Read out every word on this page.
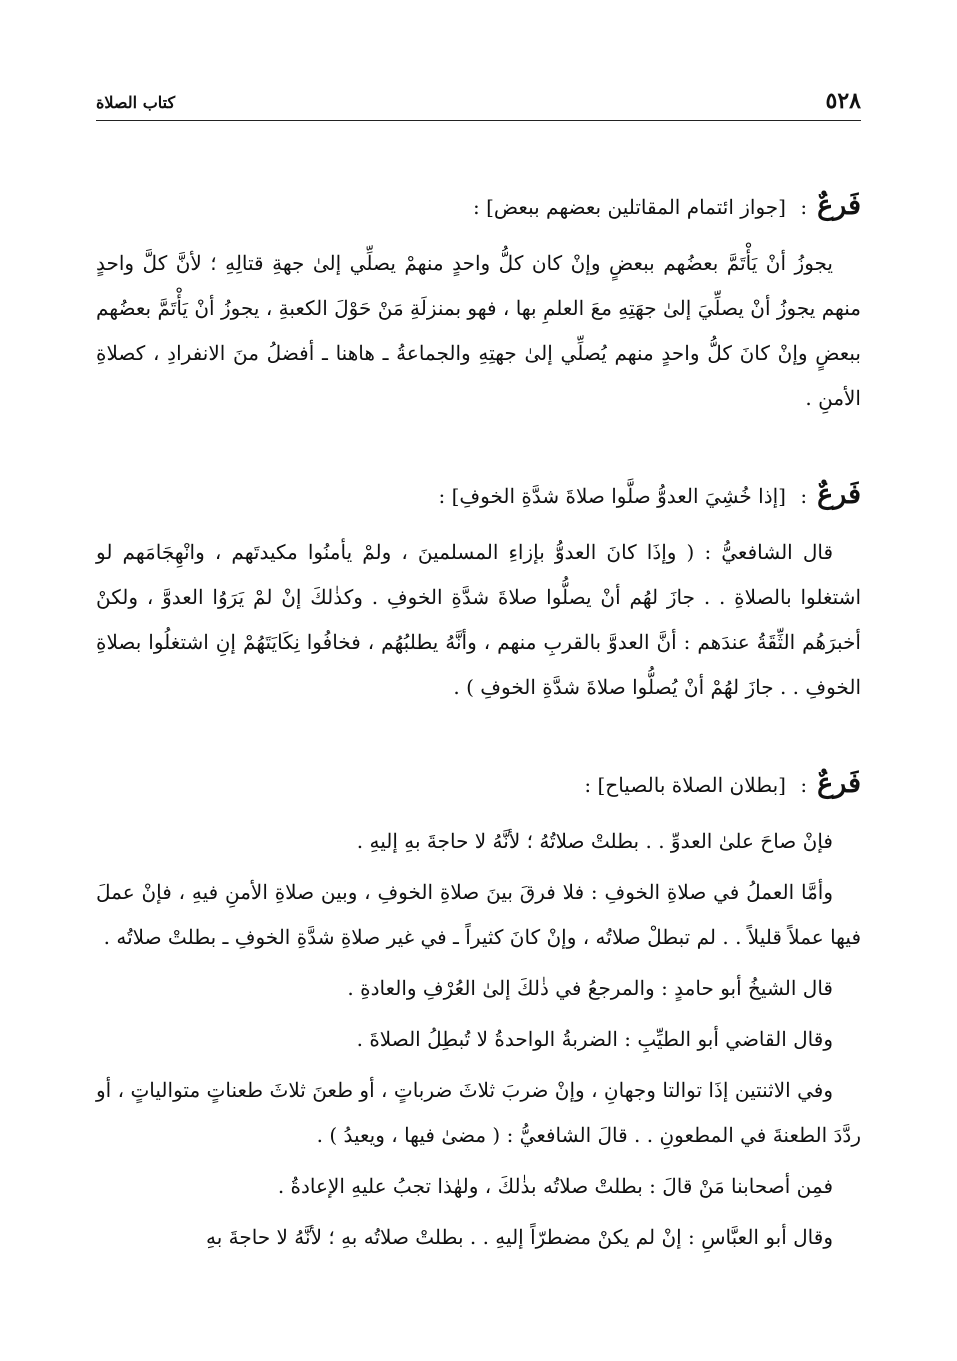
٥٢٨
كتاب الصلاة
فَرعٌ: [جواز ائتمام المقاتلين بعضهم ببعض] :

يجوزُ أنْ يَأْتَمَّ بعضُهم ببعضٍ وإنْ كان كلُّ واحدٍ منهمْ يصلِّي إلىٰ جهةِ قتالِهِ ؛ لأنَّ كلَّ واحدٍ منهم يجوزُ أنْ يصلِّيَ إلىٰ جهَتِهِ معَ العلمِ بها ، فهو بمنزلَةِ مَنْ حَوْلَ الكعبةِ ، يجوزُ أنْ يَأْتَمَّ بعضُهم ببعضٍ وإنْ كانَ كلُّ واحدٍ منهم يُصلِّي إلىٰ جهتِهِ والجماعةُ ـ هاهنا ـ أفضلُ منَ الانفرادِ ، كصلاةِ الأمنِ .

فَرعٌ: [إذا خُشِيَ العدوُّ صلَّوا صلاةَ شدَّةِ الخوفِ] :

قال الشافعيُّ : ( وإذَا كانَ العدوُّ بإزاءِ المسلمينَ ، ولمْ يأمنُوا مكيدتَهم ، وانْهِجَامَهم لو اشتغلوا بالصلاةِ . . جازَ لهُم أنْ يصلُّوا صلاةَ شدَّةِ الخوفِ . وكذٰلكَ إنْ لمْ يَرَوُا العدوَّ ، ولكنْ أخبرَهُم الثِّقَةُ عندَهم : أنَّ العدوَّ بالقربِ منهم ، وأنَّهُ يطلبُهُم ، فخافُوا نِكَايَتَهُمْ إنِ اشتغلُوا بصلاةِ الخوفِ . . جازَ لهُمْ أنْ يُصلُّوا صلاةَ شدَّةِ الخوفِ ) .

فَرعٌ: [بطلان الصلاة بالصياح] :

فإنْ صاحَ علىٰ العدوِّ . . بطلتْ صلاتُهُ ؛ لأنَّهُ لا حاجةَ بهِ إليهِ .

وأمَّا العملُ في صلاةِ الخوفِ : فلا فرقَ بينَ صلاةِ الخوفِ ، وبين صلاةِ الأمنِ فيهِ ، فإنْ عملَ فيها عملاً قليلاً . . لم تبطلْ صلاتُه ، وإنْ كانَ كثيراً ـ في غير صلاةِ شدَّةِ الخوفِ ـ بطلتْ صلاتُه .

قال الشيخُ أبو حامدٍ : والمرجعُ في ذٰلكَ إلىٰ العُرْفِ والعادةِ .

وقال القاضي أبو الطيِّبِ : الضربةُ الواحدةُ لا تُبطِلُ الصلاةَ .

وفي الاثنتين إذَا توالتا وجهانِ ، وإنْ ضربَ ثلاثَ ضرباتٍ ، أو طعنَ ثلاثَ طعناتٍ متوالياتٍ ، أو ردَّدَ الطعنةَ في المطعونِ . . قالَ الشافعيُّ : ( مضىٰ فيها ، ويعيدُ ) .

فمِن أصحابنا مَنْ قالَ : بطلتْ صلاتُه بذٰلكَ ، ولهٰذا تجبُ عليهِ الإعادةُ .

وقال أبو العبَّاسِ : إنْ لم يكنْ مضطرّاً إليهِ . . بطلتْ صلاتُه بهِ ؛ لأنَّهُ لا حاجةَ بهِ
